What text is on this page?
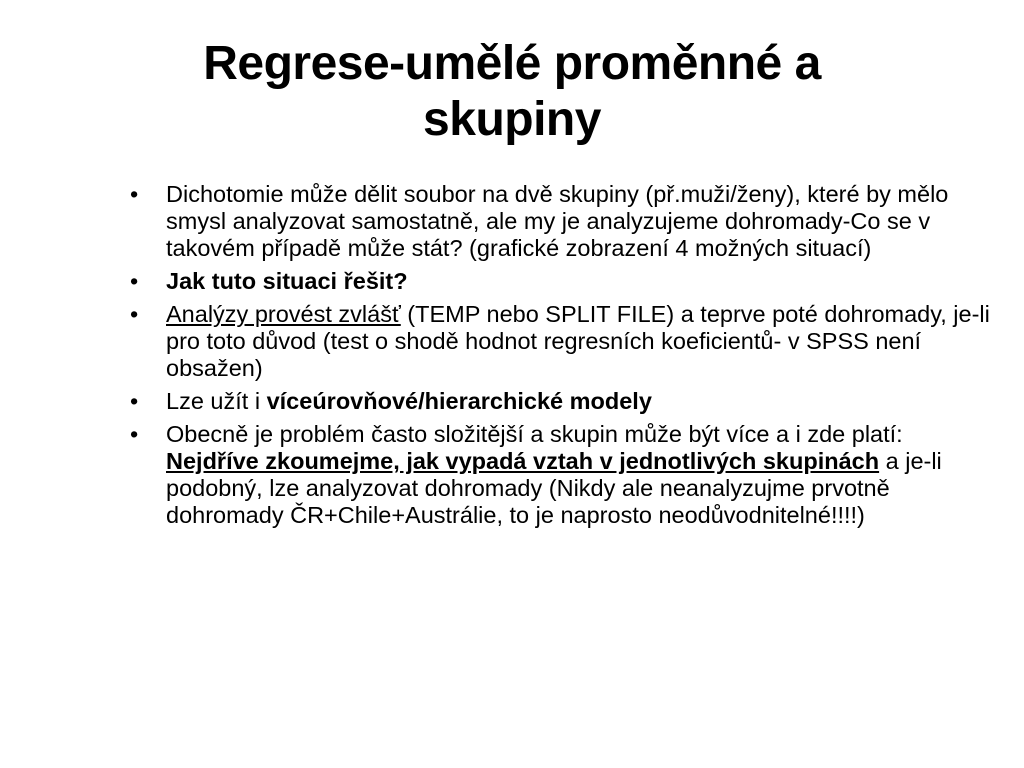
Regrese-umělé proměnné a
skupiny
•	Dichotomie může dělit soubor na dvě skupiny (př.muži/ženy), které by mělo smysl analyzovat samostatně, ale my je analyzujeme dohromady-Co se v takovém případě může stát? (grafické zobrazení 4 možných situací)
•	Jak tuto situaci řešit?
•	Analýzy provést zvlášť (TEMP nebo SPLIT FILE) a teprve poté dohromady, je-li pro toto důvod (test o shodě hodnot regresních koeficientů- v SPSS není obsažen)
•	Lze užít i víceúrovňové/hierarchické modely
•	Obecně je problém často složitější a skupin může být více a i zde platí: Nejdříve zkoumejme, jak vypadá vztah v jednotlivých skupinách a je-li podobný, lze analyzovat dohromady (Nikdy ale neanalyzujme prvotně dohromady ČR+Chile+Austrálie, to je naprosto neodůvodnitelné!!!!)
